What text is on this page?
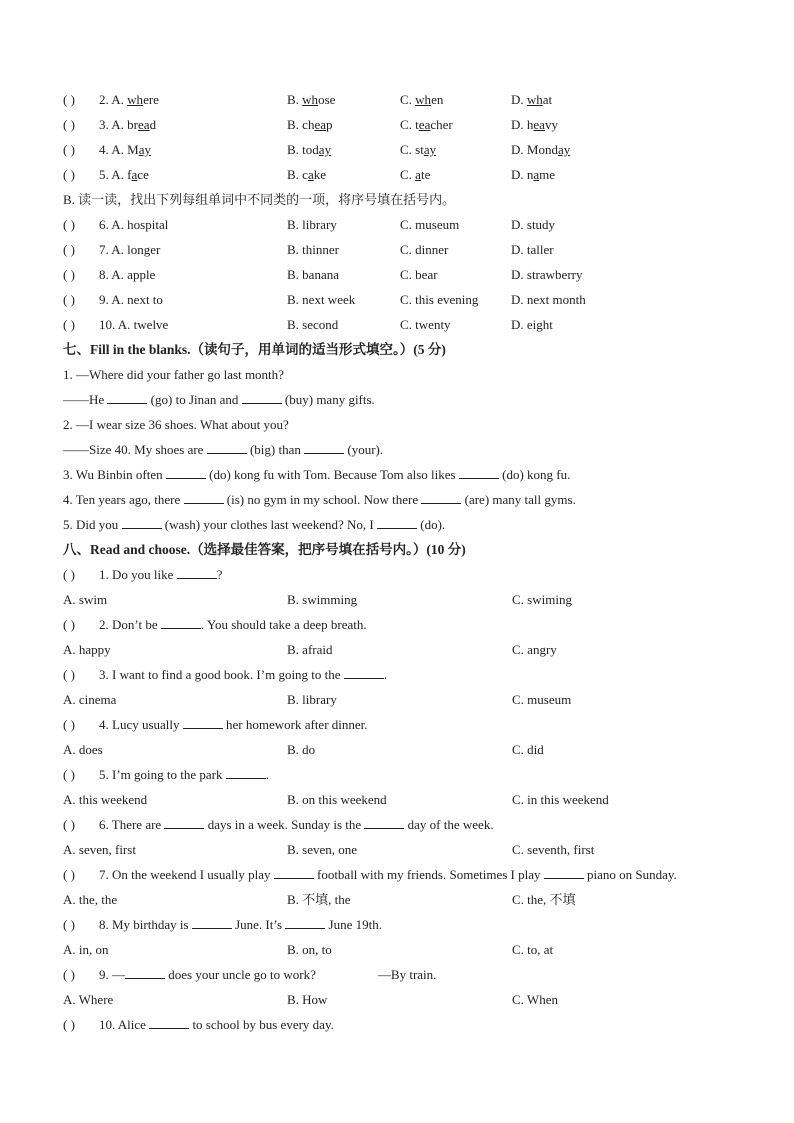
( ) 2. A. where	B. whose	C. when	D. what
( ) 3. A. bread	B. cheap	C. teacher	D. heavy
( ) 4. A. May	B. today	C. stay	D. Monday
( ) 5. A. face	B. cake	C. ate	D. name
B. 读一读，找出下列每组单词中不同类的一项，将序号填在括号内。
( ) 6. A. hospital	B. library	C. museum	D. study
( ) 7. A. longer	B. thinner	C. dinner	D. taller
( ) 8. A. apple	B. banana	C. bear	D. strawberry
( ) 9. A. next to	B. next week	C. this evening	D. next month
( ) 10. A. twelve	B. second	C. twenty	D. eight
七、Fill in the blanks.（读句子，用单词的适当形式填空。）(5 分)
1. —Where did your father go last month?
——He	(go) to Jinan and	(buy) many gifts.
2. —I wear size 36 shoes. What about you?
——Size 40. My shoes are	(big) than	(your).
3. Wu Binbin often	(do) kong fu with Tom. Because Tom also likes	(do) kong fu.
4. Ten years ago, there	(is) no gym in my school. Now there	(are) many tall gyms.
5. Did you	(wash) your clothes last weekend? No, I	(do).
八、Read and choose.（选择最佳答案，把序号填在括号内。）(10 分)
( ) 1. Do you like	?
A. swim	B. swimming	C. swiming
( ) 2. Don’t be	. You should take a deep breath.
A. happy	B. afraid	C. angry
( ) 3. I want to find a good book. I’m going to the	.
A. cinema	B. library	C. museum
( ) 4. Lucy usually	her homework after dinner.
A. does	B. do	C. did
( ) 5. I’m going to the park	.
A. this weekend	B. on this weekend	C. in this weekend
( ) 6. There are	days in a week. Sunday is the	day of the week.
A. seven, first	B. seven, one	C. seventh, first
( ) 7. On the weekend I usually play	football with my friends. Sometimes I play	piano on Sunday.
A. the, the	B. 不填, the	C. the, 不填
( ) 8. My birthday is	June. It’s	June 19th.
A. in, on	B. on, to	C. to, at
( ) 9. —	does your uncle go to work?	—By train.
A. Where	B. How	C. When
( ) 10. Alice	to school by bus every day.
